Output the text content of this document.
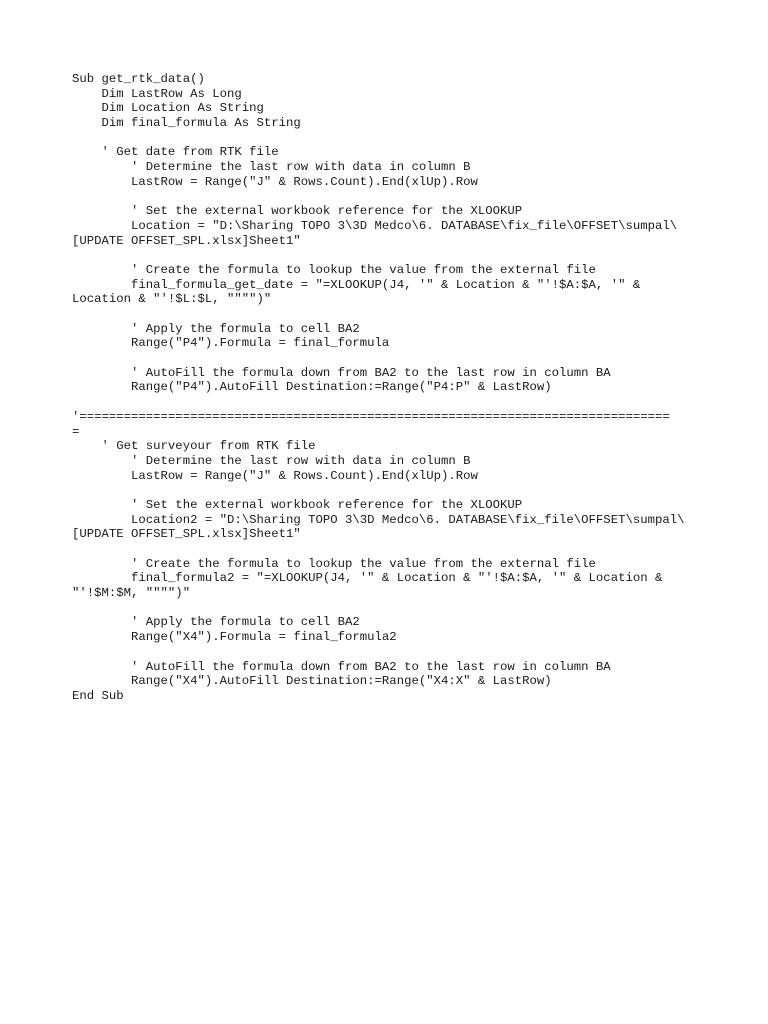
Sub get_rtk_data()
Dim LastRow As Long
Dim Location As String
Dim final_formula As String
' Get date from RTK file
' Determine the last row with data in column B
LastRow = Range("J" & Rows.Count).End(xlUp).Row
' Set the external workbook reference for the XLOOKUP
Location = "D:\Sharing TOPO 3\3D Medco\6. DATABASE\fix_file\OFFSET\sumpal\
[UPDATE OFFSET_SPL.xlsx]Sheet1"
' Create the formula to lookup the value from the external file
final_formula_get_date = "=XLOOKUP(J4, '" & Location & "'!$A:$A, '" &
Location & "'!$L:$L, """")"
' Apply the formula to cell BA2
Range("P4").Formula = final_formula
' AutoFill the formula down from BA2 to the last row in column BA
Range("P4").AutoFill Destination:=Range("P4:P" & LastRow)
'================================================================================
=
' Get surveyour from RTK file
' Determine the last row with data in column B
LastRow = Range("J" & Rows.Count).End(xlUp).Row
' Set the external workbook reference for the XLOOKUP
Location2 = "D:\Sharing TOPO 3\3D Medco\6. DATABASE\fix_file\OFFSET\sumpal\
[UPDATE OFFSET_SPL.xlsx]Sheet1"
' Create the formula to lookup the value from the external file
final_formula2 = "=XLOOKUP(J4, '" & Location & "'!$A:$A, '" & Location &
"'!$M:$M, """")"
' Apply the formula to cell BA2
Range("X4").Formula = final_formula2
' AutoFill the formula down from BA2 to the last row in column BA
Range("X4").AutoFill Destination:=Range("X4:X" & LastRow)
End Sub
